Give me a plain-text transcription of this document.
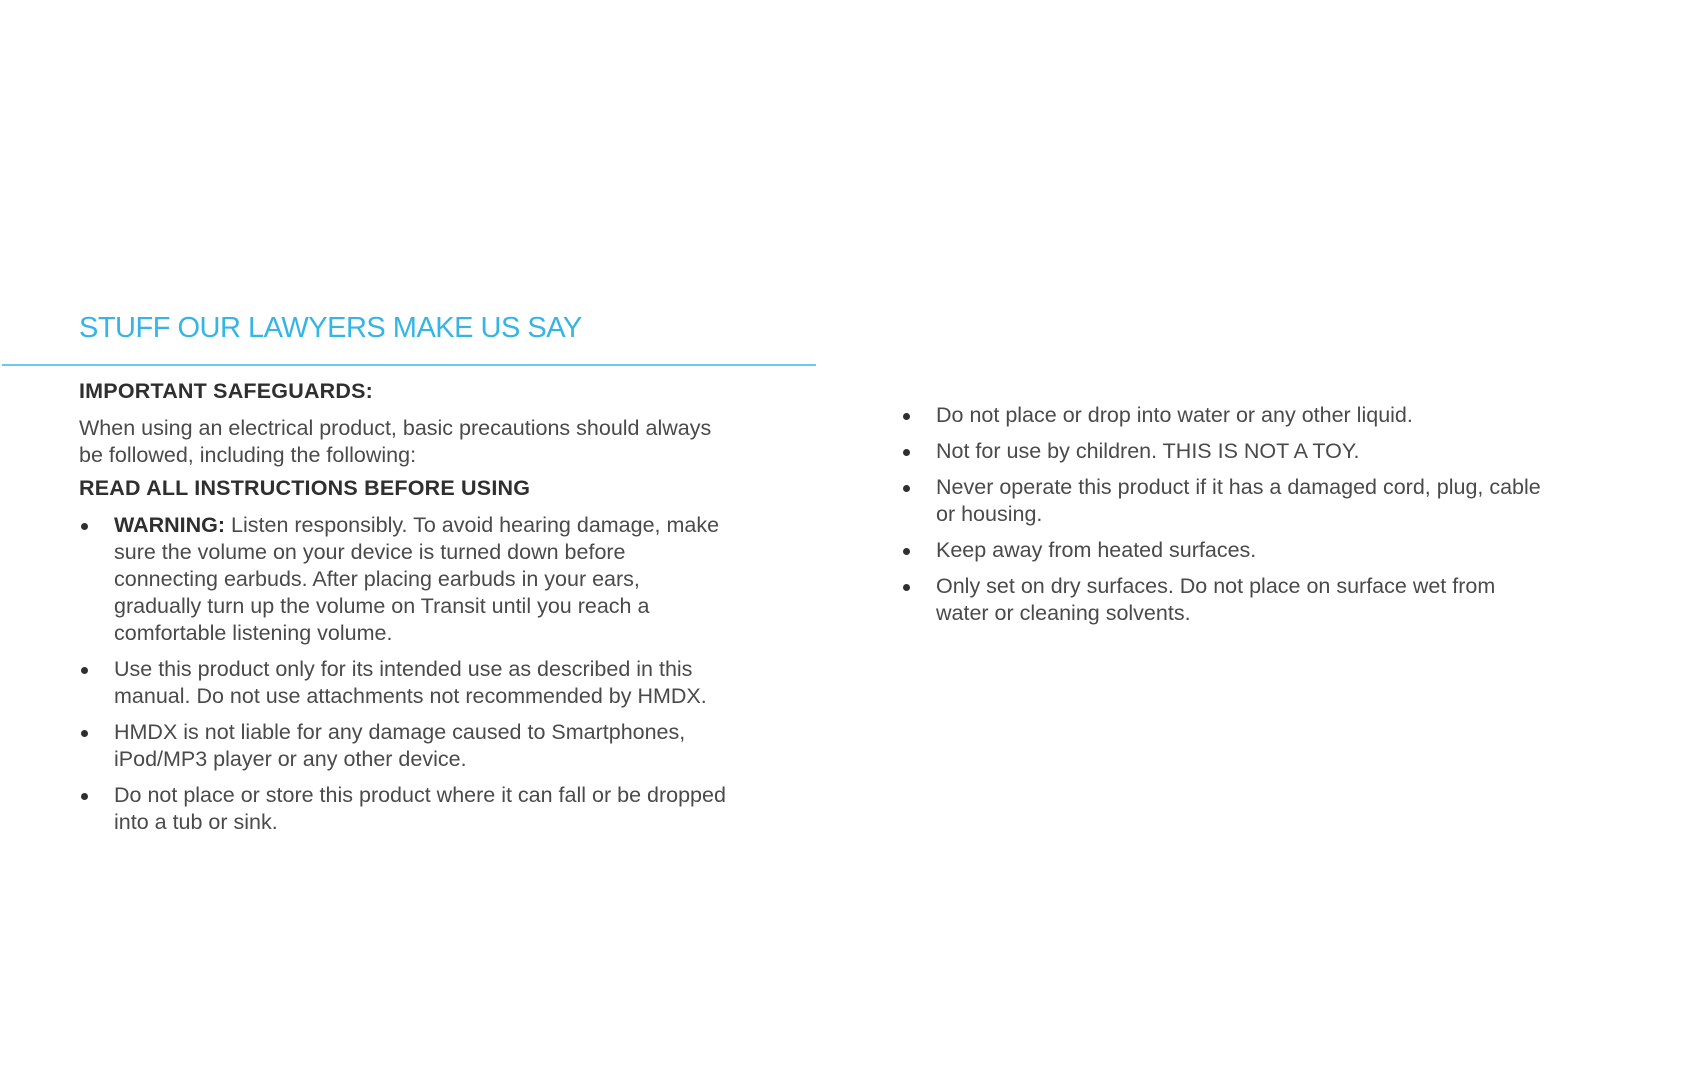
STUFF OUR LAWYERS MAKE US SAY

IMPORTANT SAFEGUARDS:

When using an electrical product, basic precautions should always be followed, including the following:

READ ALL INSTRUCTIONS BEFORE USING

WARNING: Listen responsibly. To avoid hearing damage, make sure the volume on your device is turned down before connecting earbuds. After placing earbuds in your ears, gradually turn up the volume on Transit until you reach a comfortable listening volume.
Use this product only for its intended use as described in this manual. Do not use attachments not recommended by HMDX.
HMDX is not liable for any damage caused to Smartphones, iPod/MP3 player or any other device.
Do not place or store this product where it can fall or be dropped into a tub or sink.
Do not place or drop into water or any other liquid.
Not for use by children. THIS IS NOT A TOY.
Never operate this product if it has a damaged cord, plug, cable or housing.
Keep away from heated surfaces.
Only set on dry surfaces. Do not place on surface wet from water or cleaning solvents.
